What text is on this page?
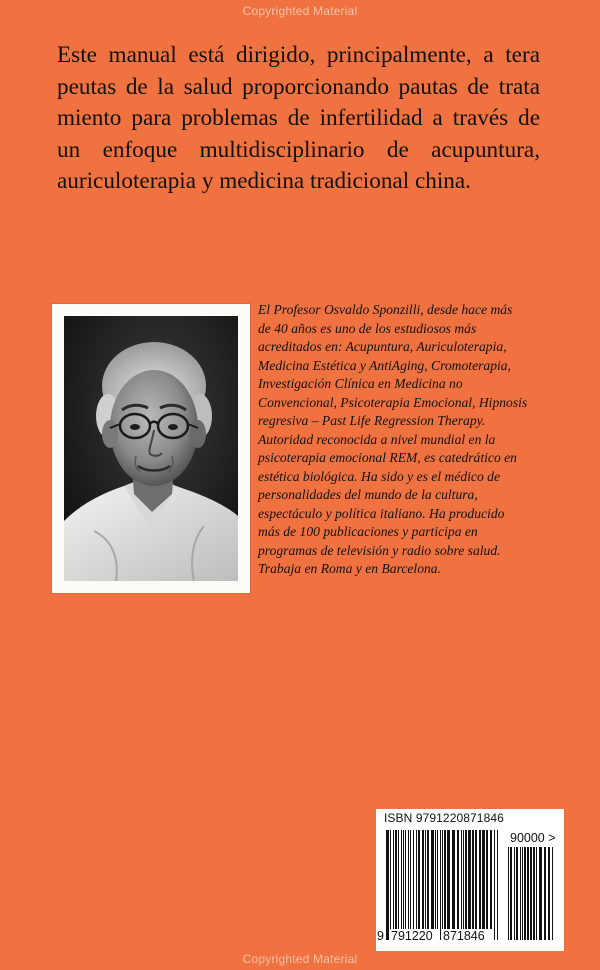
Copyrighted Material
Este manual está dirigido, principalmente, a tera
peutas de la salud proporcionando pautas de trata
miento para problemas de infertilidad a través de
un enfoque multidisciplinario de acupuntura,
auriculoterapia y medicina tradicional china.
El Profesor Osvaldo Sponzilli, desde hace más
de 40 años es uno de los estudiosos más
acreditados en: Acupuntura, Auriculoterapia,
Medicina Estética y AntiAging, Cromoterapia,
Investigación Clínica en Medicina no
Convencional, Psicoterapia Emocional, Hipnosis
regresiva – Past Life Regression Therapy.
Autoridad reconocida a nivel mundial en la
psicoterapia emocional REM, es catedrático en
estética biológica. Ha sido y es el médico de
personalidades del mundo de la cultura,
espectáculo y política italiano. Ha producido
más de 100 publicaciones y participa en
programas de televisión y radio sobre salud.
Trabaja en Roma y en Barcelona.
ISBN 9791220871846
90000 >
9 791220 871846
Copyrighted Material
